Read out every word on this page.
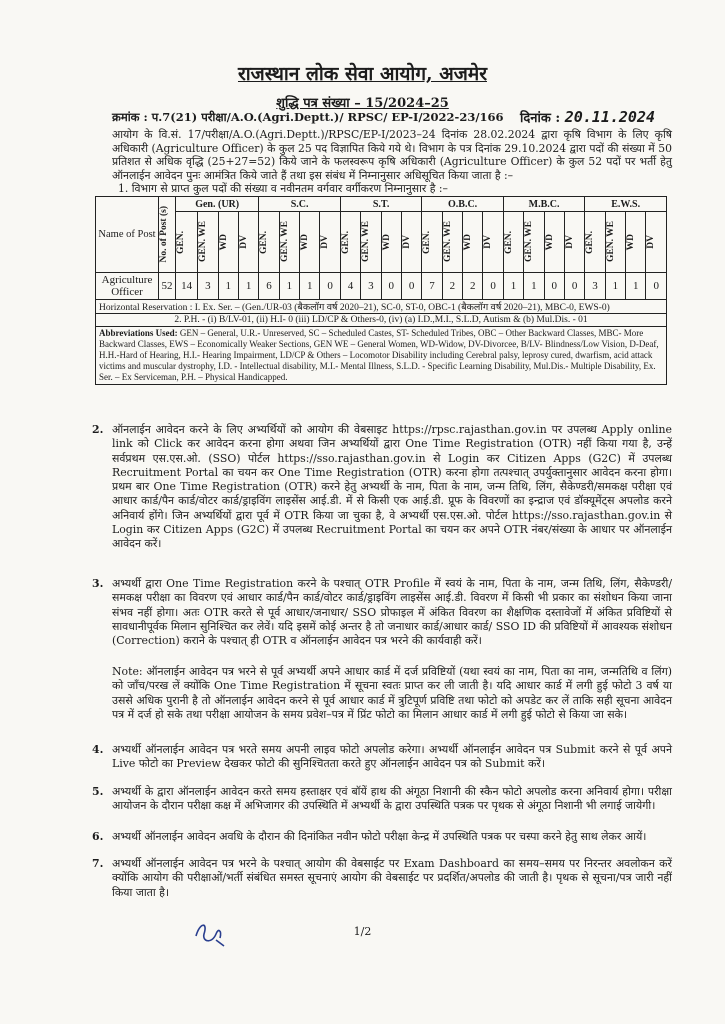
राजस्थान लोक सेवा आयोग, अजमेर
शुद्धि पत्र संख्या – 15/2024–25
क्रमांक : प.7(21) परीक्षा/A.O.(Agri.Deptt.)/ RPSC/ EP-I/2022-23/166 दिनांक : 20.11.2024
आयोग के वि.सं. 17/परीक्षा/A.O.(Agri.Deptt.)/RPSC/EP-I/2023–24 दिनांक 28.02.2024 द्वारा कृषि विभाग के लिए कृषि अधिकारी (Agriculture Officer) के कुल 25 पद विज्ञापित किये गये थे। विभाग के पत्र दिनांक 29.10.2024 द्वारा पदों की संख्या में 50 प्रतिशत से अधिक वृद्धि (25+27=52) किये जाने के फलस्वरूप कृषि अधिकारी (Agriculture Officer) के कुल 52 पदों पर भर्ती हेतु ऑनलाईन आवेदन पुनः आमंत्रित किये जाते हैं तथा इस संबंध में निम्नानुसार अधिसूचित किया जाता है :–
1. विभाग से प्राप्त कुल पदों की संख्या व नवीनतम वर्गवार वर्गीकरण निम्नानुसार है :–
Name of Post	No. of Post (s)	Gen. (UR)				S.C.				S.T.				O.B.C.				M.B.C.				E.W.S.			

		GEN.	GEN. WE	WD	DV	GEN.	GEN. WE	WD	DV	GEN.	GEN. WE	WD	DV	GEN.	GEN. WE	WD	DV	GEN.	GEN. WE	WD	DV	GEN.	GEN. WE	WD	DV

Agriculture Officer	52	14	3	1	1	6	1	1	0	4	3	0	0	7	2	2	0	1	1	0	0	3	1	1	0
Horizontal Reservation : I. Ex. Ser. – (Gen./UR-03 (बैकलॉग वर्ष 2020–21), SC-0, ST-0, OBC-1 (बैकलॉग वर्ष 2020–21), MBC-0, EWS-0)																									
2. P.H. - (i) B/LV-01, (ii) H.I- 0 (iii) LD/CP & Others-0, (iv) (a) I.D.,M.I., S.L.D, Autism & (b) Mul.Dis. - 01																									
Abbreviations Used: GEN – General, U.R.- Unreserved, SC – Scheduled Castes, ST- Scheduled Tribes, OBC – Other Backward Classes, MBC- More Backward Classes, EWS – Economically Weaker Sections, GEN WE – General Women, WD-Widow, DV-Divorcee, B/LV- Blindness/Low Vision, D-Deaf, H.H.-Hard of Hearing, H.I.- Hearing Impairment, LD/CP & Others – Locomotor Disability including Cerebral palsy, leprosy cured, dwarfism, acid attack victims and muscular dystrophy, I.D. - Intellectual disability, M.I.- Mental Illness, S.L.D. - Specific Learning Disability, Mul.Dis.- Multiple Disability, Ex. Ser. – Ex Serviceman, P.H. – Physical Handicapped.																									
2. ऑनलाईन आवेदन करने के लिए अभ्यर्थियों को आयोग की वेबसाइट https://rpsc.rajasthan.gov.in पर उपलब्ध Apply online link को Click कर आवेदन करना होगा अथवा जिन अभ्यर्थियों द्वारा One Time Registration (OTR) नहीं किया गया है, उन्हें सर्वप्रथम एस.एस.ओ. (SSO) पोर्टल https://sso.rajasthan.gov.in से Login कर Citizen Apps (G2C) में उपलब्ध Recruitment Portal का चयन कर One Time Registration (OTR) करना होगा तत्पश्चात् उपर्युक्तानुसार आवेदन करना होगा। प्रथम बार One Time Registration (OTR) करने हेतु अभ्यर्थी के नाम, पिता के नाम, जन्म तिथि, लिंग, सैकेण्डरी/समकक्ष परीक्षा एवं आधार कार्ड/पैन कार्ड/वोटर कार्ड/ड्राइविंग लाइसेंस आई.डी. में से किसी एक आई.डी. प्रूफ के विवरणों का इन्द्राज एवं डॉक्यूमेंट्स अपलोड करने अनिवार्य होंगे। जिन अभ्यर्थियों द्वारा पूर्व में OTR किया जा चुका है, वे अभ्यर्थी एस.एस.ओ. पोर्टल https://sso.rajasthan.gov.in से Login कर Citizen Apps (G2C) में उपलब्ध Recruitment Portal का चयन कर अपने OTR नंबर/संख्या के आधार पर ऑनलाईन आवेदन करें।
3. अभ्यर्थी द्वारा One Time Registration करने के पश्चात् OTR Profile में स्वयं के नाम, पिता के नाम, जन्म तिथि, लिंग, सैकेण्डरी/समकक्ष परीक्षा का विवरण एवं आधार कार्ड/पैन कार्ड/वोटर कार्ड/ड्राइविंग लाइसेंस आई.डी. विवरण में किसी भी प्रकार का संशोधन किया जाना संभव नहीं होगा। अतः OTR करते से पूर्व आधार/जनाधार/ SSO प्रोफाइल में अंकित विवरण का शैक्षणिक दस्तावेजों में अंकित प्रविष्टियों से सावधानीपूर्वक मिलान सुनिश्चित कर लेवें। यदि इसमें कोई अन्तर है तो जनाधार कार्ड/आधार कार्ड/ SSO ID की प्रविष्टियों में आवश्यक संशोधन (Correction) कराने के पश्चात् ही OTR व ऑनलाईन आवेदन पत्र भरने की कार्यवाही करें।
Note: ऑनलाईन आवेदन पत्र भरने से पूर्व अभ्यर्थी अपने आधार कार्ड में दर्ज प्रविष्टियों (यथा स्वयं का नाम, पिता का नाम, जन्मतिथि व लिंग) को जाँच/परख लें क्योंकि One Time Registration में सूचना स्वतः प्राप्त कर ली जाती है। यदि आधार कार्ड में लगी हुई फोटो 3 वर्ष या उससे अधिक पुरानी है तो ऑनलाईन आवेदन करने से पूर्व आधार कार्ड में त्रुटिपूर्ण प्रविष्टि तथा फोटो को अपडेट कर लें ताकि सही सूचना आवेदन पत्र में दर्ज हो सके तथा परीक्षा आयोजन के समय प्रवेश–पत्र में प्रिंट फोटो का मिलान आधार कार्ड में लगी हुई फोटो से किया जा सके।
4. अभ्यर्थी ऑनलाईन आवेदन पत्र भरते समय अपनी लाइव फोटो अपलोड करेगा। अभ्यर्थी ऑनलाईन आवेदन पत्र Submit करने से पूर्व अपने Live फोटो का Preview देखकर फोटो की सुनिश्चितता करते हुए ऑनलाईन आवेदन पत्र को Submit करें।
5. अभ्यर्थी के द्वारा ऑनलाईन आवेदन करते समय हस्ताक्षर एवं बॉयें हाथ की अंगूठा निशानी की स्कैन फोटो अपलोड करना अनिवार्य होगा। परीक्षा आयोजन के दौरान परीक्षा कक्ष में अभिजागर की उपस्थिति में अभ्यर्थी के द्वारा उपस्थिति पत्रक पर पृथक से अंगूठा निशानी भी लगाई जायेगी।
6. अभ्यर्थी ऑनलाईन आवेदन अवधि के दौरान की दिनांकित नवीन फोटो परीक्षा केन्द्र में उपस्थिति पत्रक पर चस्पा करने हेतु साथ लेकर आयें।
7. अभ्यर्थी ऑनलाईन आवेदन पत्र भरने के पश्चात् आयोग की वेबसाईट पर Exam Dashboard का समय–समय पर निरन्तर अवलोकन करें क्योंकि आयोग की परीक्षाओं/भर्ती संबंधित समस्त सूचनाएं आयोग की वेबसाईट पर प्रदर्शित/अपलोड की जाती है। पृथक से सूचना/पत्र जारी नहीं किया जाता है।
1/2
